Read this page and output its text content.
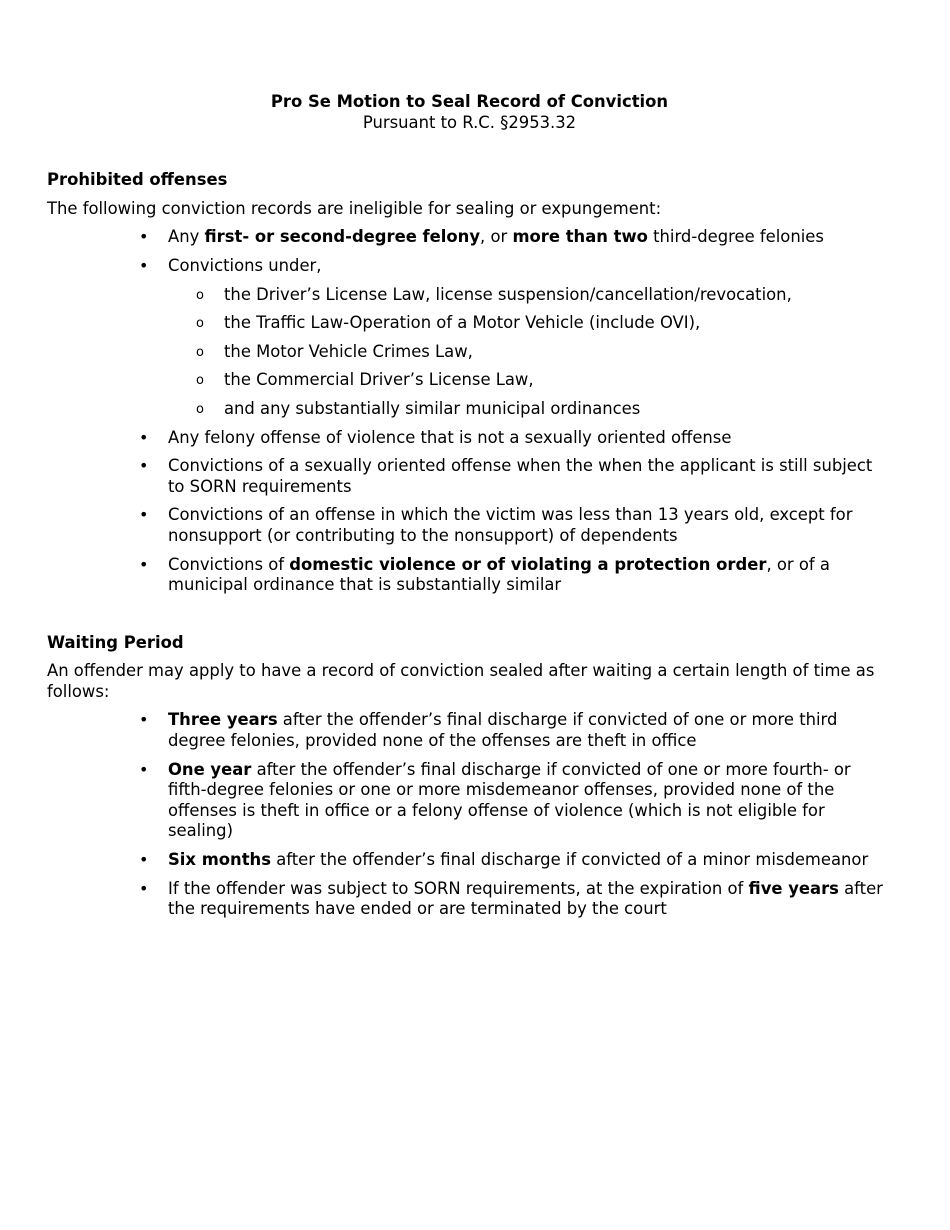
Pro Se Motion to Seal Record of Conviction
Pursuant to R.C. §2953.32
Prohibited offenses
The following conviction records are ineligible for sealing or expungement:
• Any first- or second-degree felony, or more than two third-degree felonies
• Convictions under,
o the Driver’s License Law, license suspension/cancellation/revocation,
o the Traffic Law-Operation of a Motor Vehicle (include OVI),
o the Motor Vehicle Crimes Law,
o the Commercial Driver’s License Law,
o and any substantially similar municipal ordinances
• Any felony offense of violence that is not a sexually oriented offense
• Convictions of a sexually oriented offense when the when the applicant is still subject to SORN requirements
• Convictions of an offense in which the victim was less than 13 years old, except for nonsupport (or contributing to the nonsupport) of dependents
• Convictions of domestic violence or of violating a protection order, or of a municipal ordinance that is substantially similar
Waiting Period
An offender may apply to have a record of conviction sealed after waiting a certain length of time as follows:
• Three years after the offender’s final discharge if convicted of one or more third degree felonies, provided none of the offenses are theft in office
• One year after the offender’s final discharge if convicted of one or more fourth- or fifth-degree felonies or one or more misdemeanor offenses, provided none of the offenses is theft in office or a felony offense of violence (which is not eligible for sealing)
• Six months after the offender’s final discharge if convicted of a minor misdemeanor
• If the offender was subject to SORN requirements, at the expiration of five years after the requirements have ended or are terminated by the court
